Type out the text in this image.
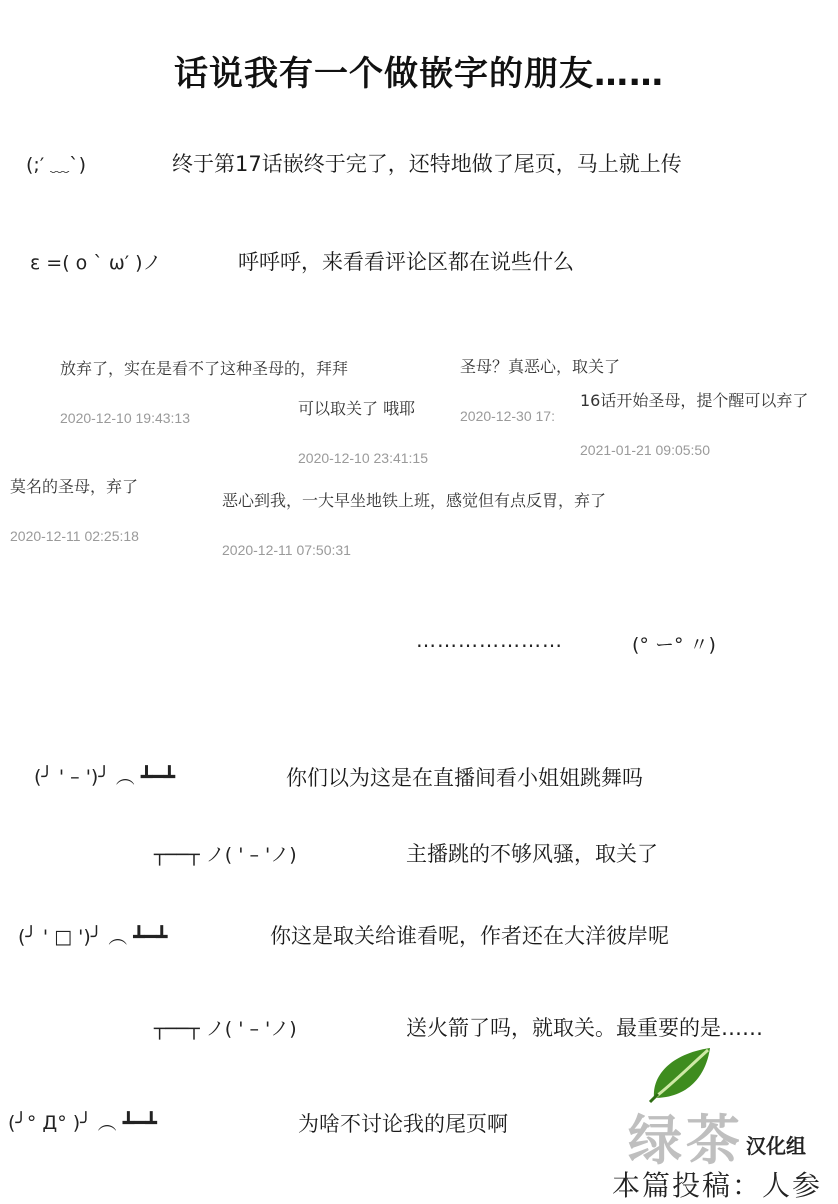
话说我有一个做嵌字的朋友……
(;′ ﹏`)	终于第17话嵌终于完了，还特地做了尾页，马上就上传
ε =( ο ` ω′ )ノ	呼呼呼，来看看评论区都在说些什么
放弃了，实在是看不了这种圣母的，拜拜
2020-12-10 19:43:13	可以取关了 哦耶
2020-12-10 23:41:15
圣母？真恶心，取关了
2020-12-30 17:
16话开始圣母，提个醒可以弃了
2021-01-21 09:05:50
莫名的圣母，弃了
2020-12-11 02:25:18
恶心到我，一大早坐地铁上班，感觉但有点反胃，弃了
2020-12-11 07:50:31
…………………	(° ー° 〃)
(╯ ' – ')╯ ︵ ┻━┻	你们以为这是在直播间看小姐姐跳舞吗
┬──┬ ノ( ' – 'ノ)	主播跳的不够风骚，取关了
(╯ ' □ ')╯ ︵ ┻━┻	你这是取关给谁看呢，作者还在大洋彼岸呢
┬──┬ ノ( ' – 'ノ)	送火箭了吗，就取关。最重要的是……
(╯° Д° )╯ ︵ ┻━┻	为啥不讨论我的尾页啊 绿茶 汉化组
本篇投稿：人参
